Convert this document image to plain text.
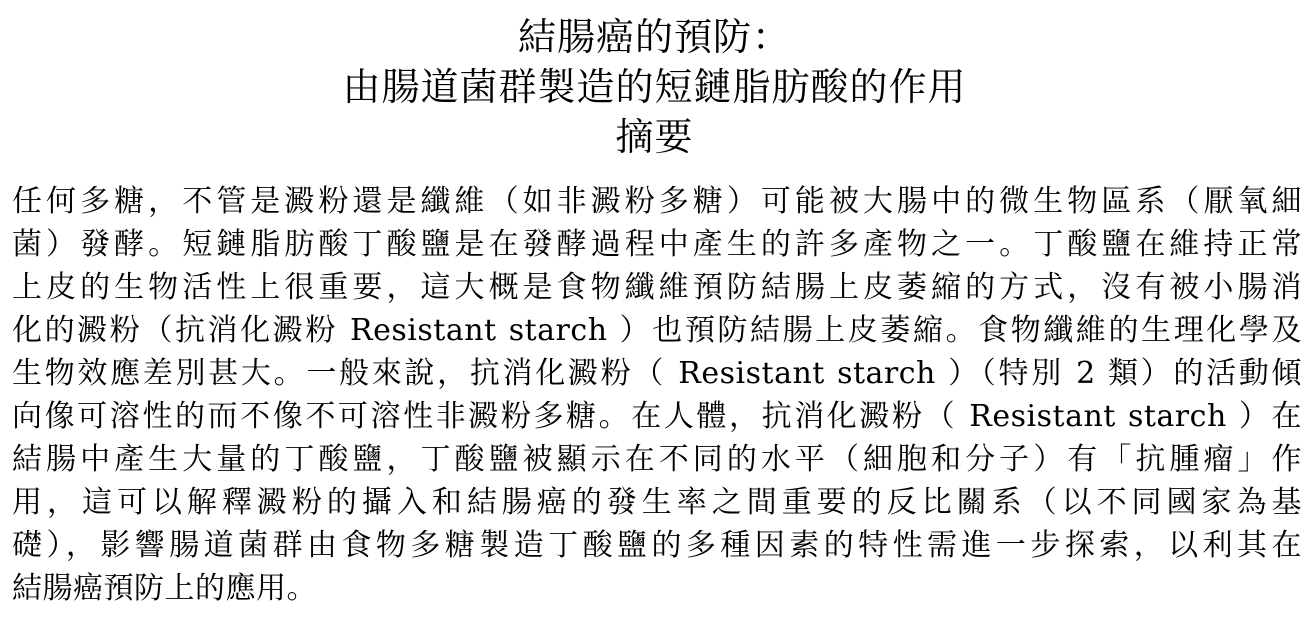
結腸癌的預防：
由腸道菌群製造的短鏈脂肪酸的作用
摘要
任何多糖，不管是澱粉還是纖維（如非澱粉多糖）可能被大腸中的微生物區系（厭氧細
菌）發酵。短鏈脂肪酸丁酸鹽是在發酵過程中產生的許多產物之一。丁酸鹽在維持正常
上皮的生物活性上很重要，這大概是食物纖維預防結腸上皮萎縮的方式，沒有被小腸消
化的澱粉（抗消化澱粉 Resistant starch ）也預防結腸上皮萎縮。食物纖維的生理化學及
生物效應差別甚大。一般來說，抗消化澱粉（ Resistant starch ）（特別 2 類）的活動傾
向像可溶性的而不像不可溶性非澱粉多糖。在人體，抗消化澱粉（ Resistant starch ）在
結腸中產生大量的丁酸鹽，丁酸鹽被顯示在不同的水平（細胞和分子）有「抗腫瘤」作
用，這可以解釋澱粉的攝入和結腸癌的發生率之間重要的反比關系（以不同國家為基
礎），影響腸道菌群由食物多糖製造丁酸鹽的多種因素的特性需進一步探索，以利其在
結腸癌預防上的應用。
